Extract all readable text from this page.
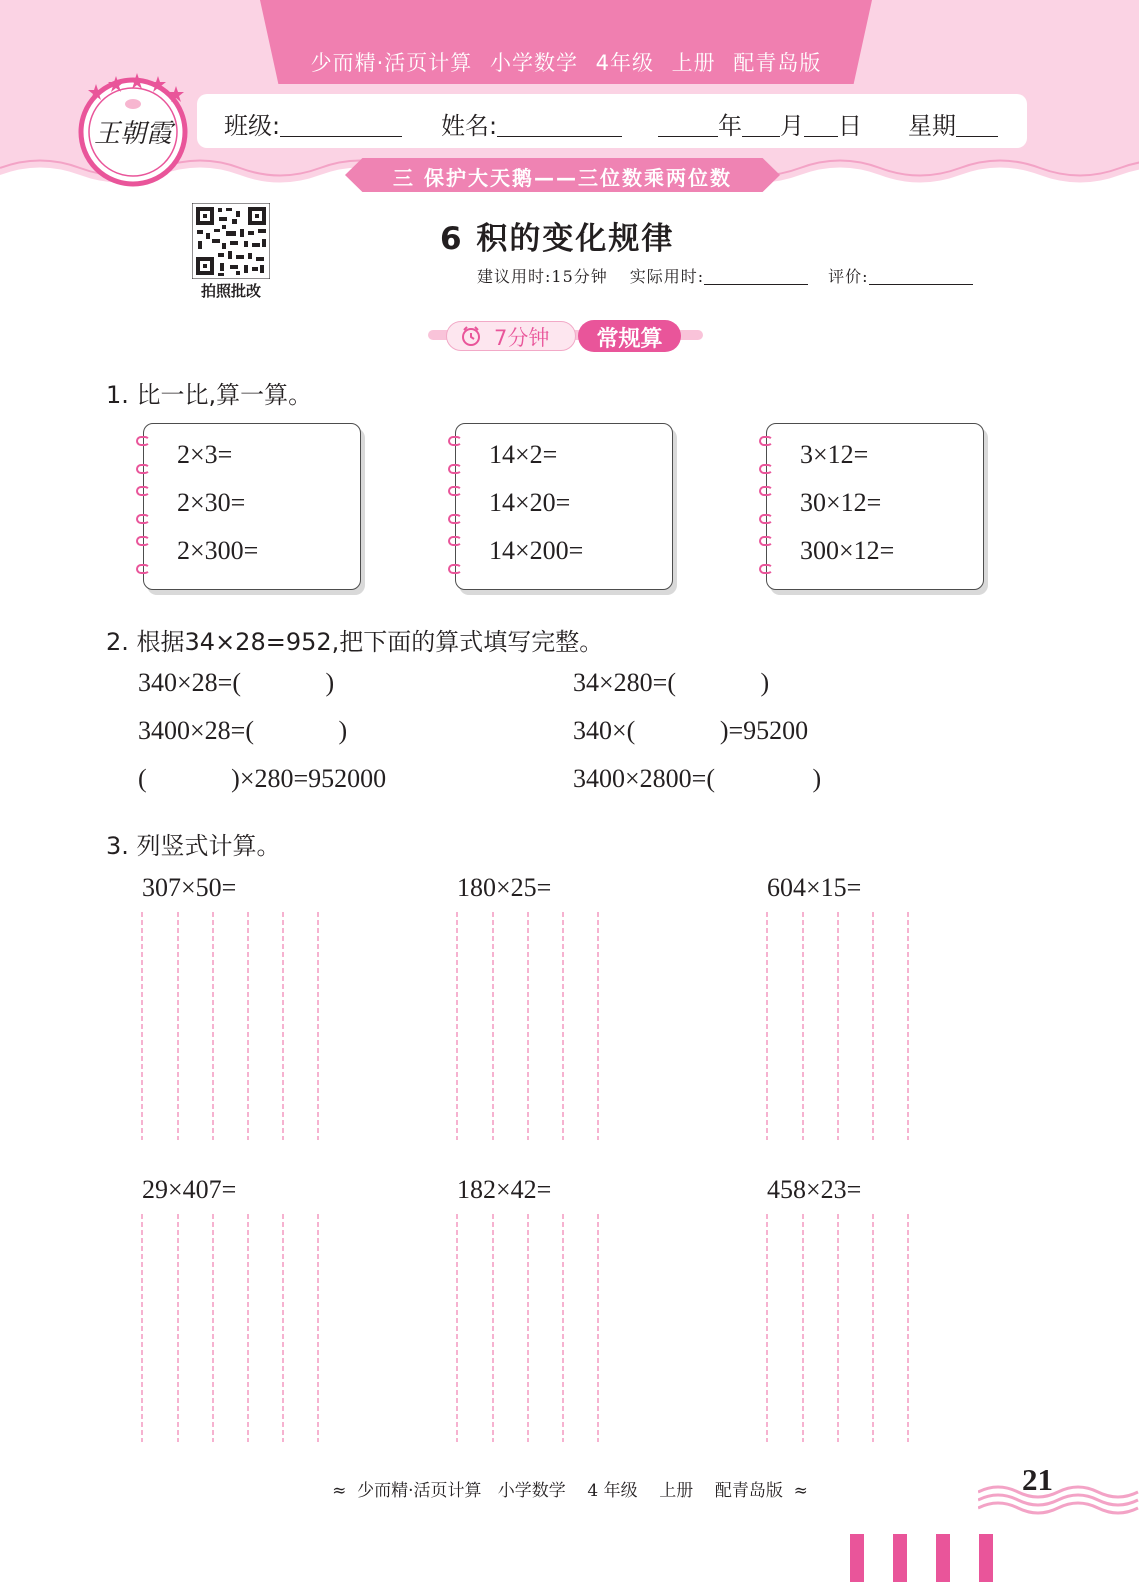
少而精·活页计算 小学数学 4年级 上册 配青岛版
班级:	姓名:	年 月 日 星期
三 保护大天鹅——三位数乘两位数
王朝霞
拍照批改
6 积的变化规律
建议用时:15分钟 实际用时:	评价:
7分钟	常规算
1. 比一比,算一算。
2×3=
2×30=
2×300=
14×2=
14×20=
14×200=
3×12=
30×12=
300×12=
2. 根据34×28=952,把下面的算式填写完整。
340×28=(             )	34×280=(             )
3400×28=(             )	340×(             )=95200
(             )×280=952000	3400×2800=(               )
3. 列竖式计算。
307×50=	180×25=	604×15=
29×407=	182×42=	458×23=
≈  少而精·活页计算   小学数学    4 年级    上册    配青岛版  ≈	21
